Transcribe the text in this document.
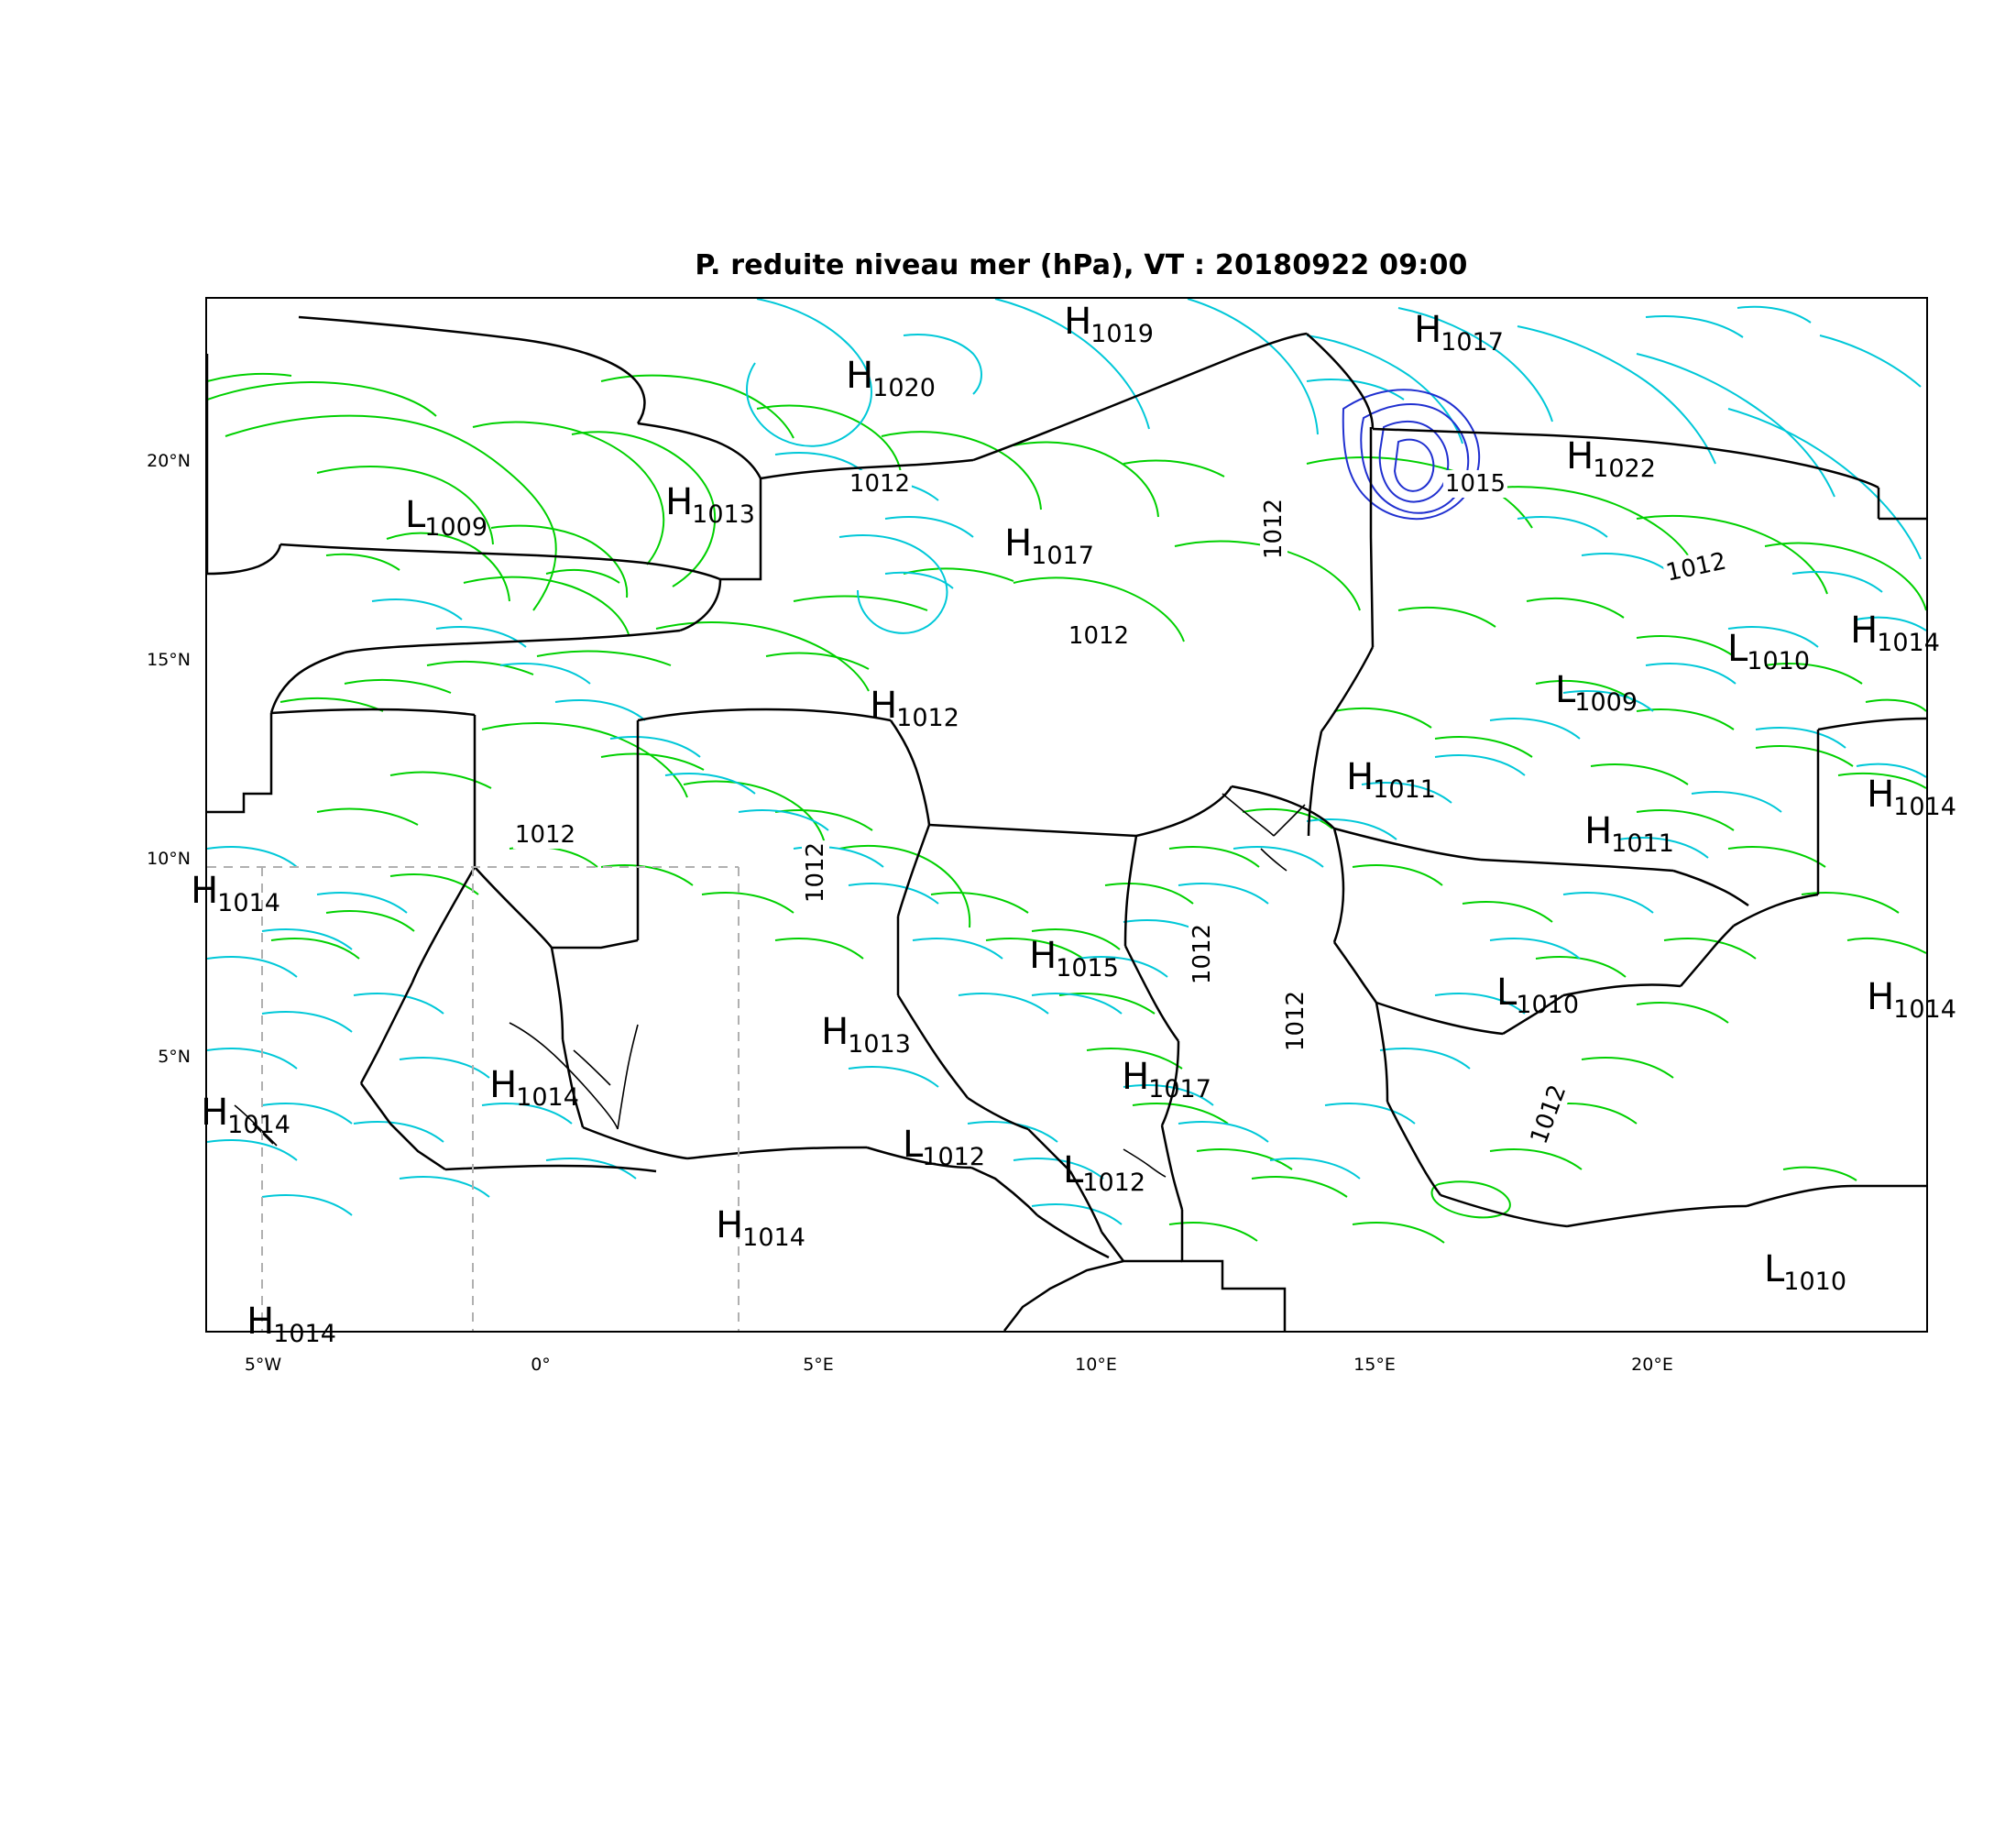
P. reduite niveau mer (hPa), VT : 20180922 09:00
20°N
15°N
10°N
5°N
5°W	0°	5°E	10°E	15°E	20°E
1012
1012
1012
1015
1012
1012
1012
1012
1012
1012
H1019	H1017
H1020
H1022
L1009
H1013
H1017
L1010
H1014
L1009
H1012
H1011
H1011
H1014
H1014
H1015
L1010	H1014
H1013
H1017
H1014
H1014	L1012 L1012
H1014
L1010
H1014
